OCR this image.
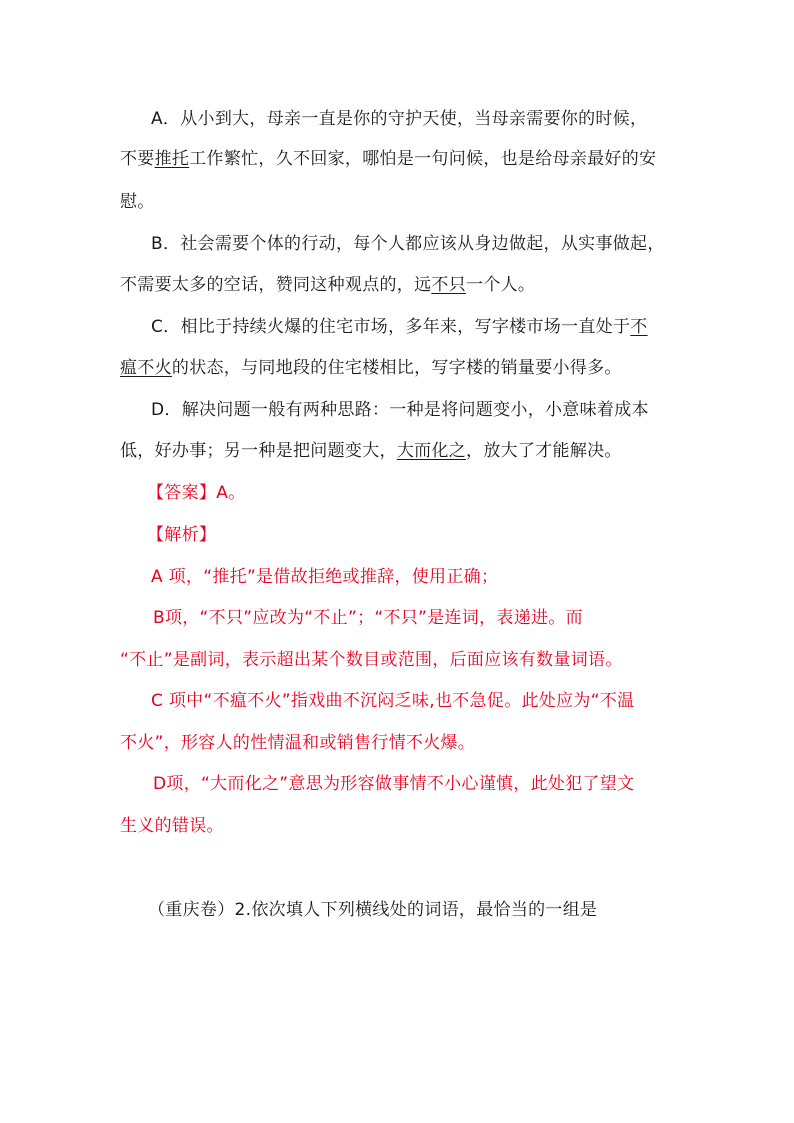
A．从小到大，母亲一直是你的守护天使，当母亲需要你的时候，
不要推托工作繁忙，久不回家，哪怕是一句问候，也是给母亲最好的安
慰。
B．社会需要个体的行动，每个人都应该从身边做起，从实事做起，
不需要太多的空话，赞同这种观点的，远不只一个人。
C．相比于持续火爆的住宅市场，多年来，写字楼市场一直处于不
瘟不火的状态，与同地段的住宅楼相比，写字楼的销量要小得多。
D．解决问题一般有两种思路：一种是将问题变小，小意味着成本
低，好办事；另一种是把问题变大，大而化之，放大了才能解决。
【答案】A。
【解析】
A 项，“推托”是借故拒绝或推辞，使用正确；
B项，“不只”应改为“不止”；“不只”是连词，表递进。而
“不止”是副词，表示超出某个数目或范围，后面应该有数量词语。
C 项中“不瘟不火”指戏曲不沉闷乏味,也不急促。此处应为“不温
不火”，形容人的性情温和或销售行情不火爆。
D项，“大而化之”意思为形容做事情不小心谨慎，此处犯了望文
生义的错误。
（重庆卷）2.依次填人下列横线处的词语，最恰当的一组是
